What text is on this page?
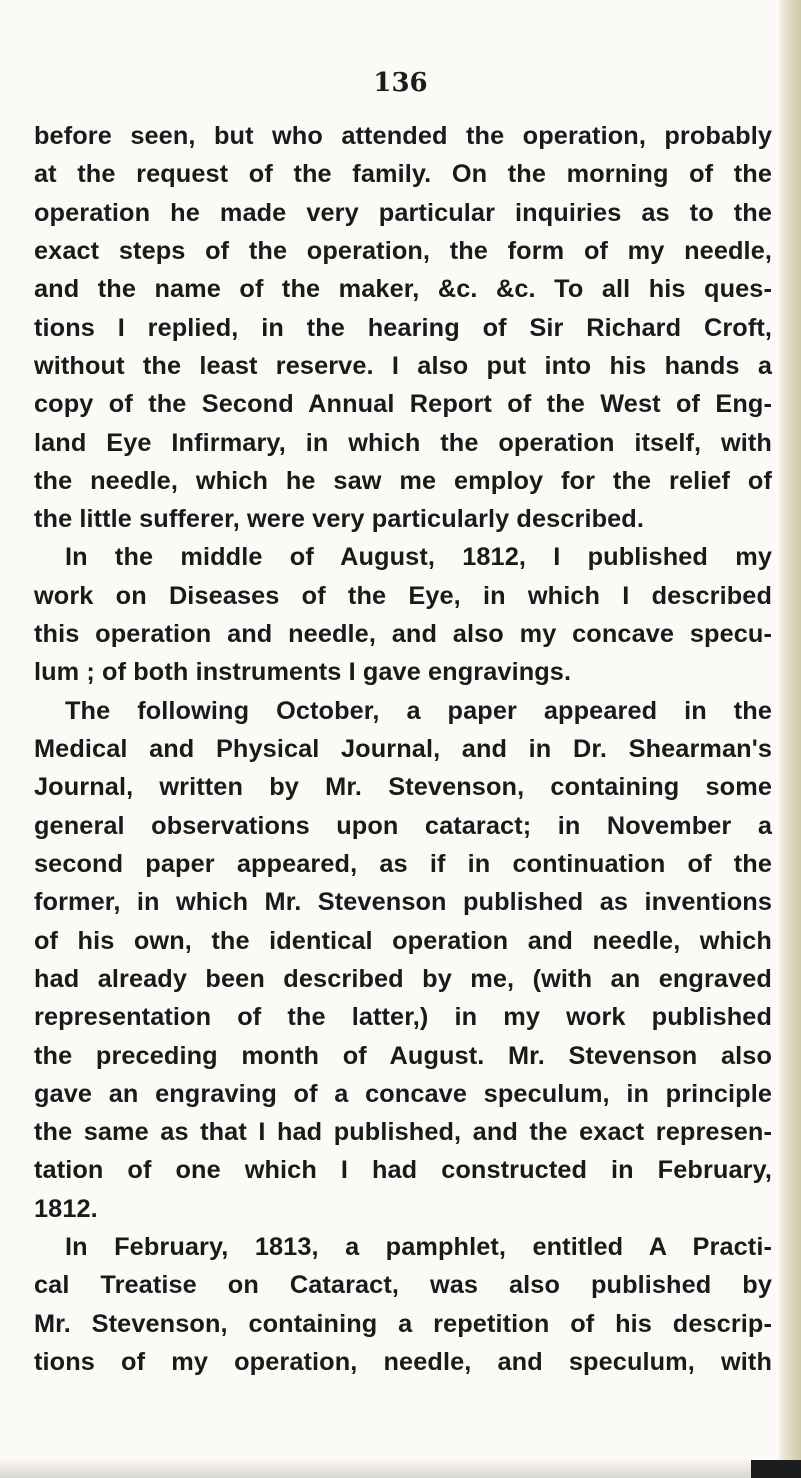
136
before seen, but who attended the operation, probably
at the request of the family. On the morning of the
operation he made very particular inquiries as to the
exact steps of the operation, the form of my needle,
and the name of the maker, &c. &c. To all his ques-
tions I replied, in the hearing of Sir Richard Croft,
without the least reserve. I also put into his hands a
copy of the Second Annual Report of the West of Eng-
land Eye Infirmary, in which the operation itself, with
the needle, which he saw me employ for the relief of
the little sufferer, were very particularly described.
In the middle of August, 1812, I published my
work on Diseases of the Eye, in which I described
this operation and needle, and also my concave specu-
lum ; of both instruments I gave engravings.
The following October, a paper appeared in the
Medical and Physical Journal, and in Dr. Shearman's
Journal, written by Mr. Stevenson, containing some
general observations upon cataract; in November a
second paper appeared, as if in continuation of the
former, in which Mr. Stevenson published as inventions
of his own, the identical operation and needle, which
had already been described by me, (with an engraved
representation of the latter,) in my work published
the preceding month of August. Mr. Stevenson also
gave an engraving of a concave speculum, in principle
the same as that I had published, and the exact represen-
tation of one which I had constructed in February,
1812.
In February, 1813, a pamphlet, entitled A Practi-
cal Treatise on Cataract, was also published by
Mr. Stevenson, containing a repetition of his descrip-
tions of my operation, needle, and speculum, with
